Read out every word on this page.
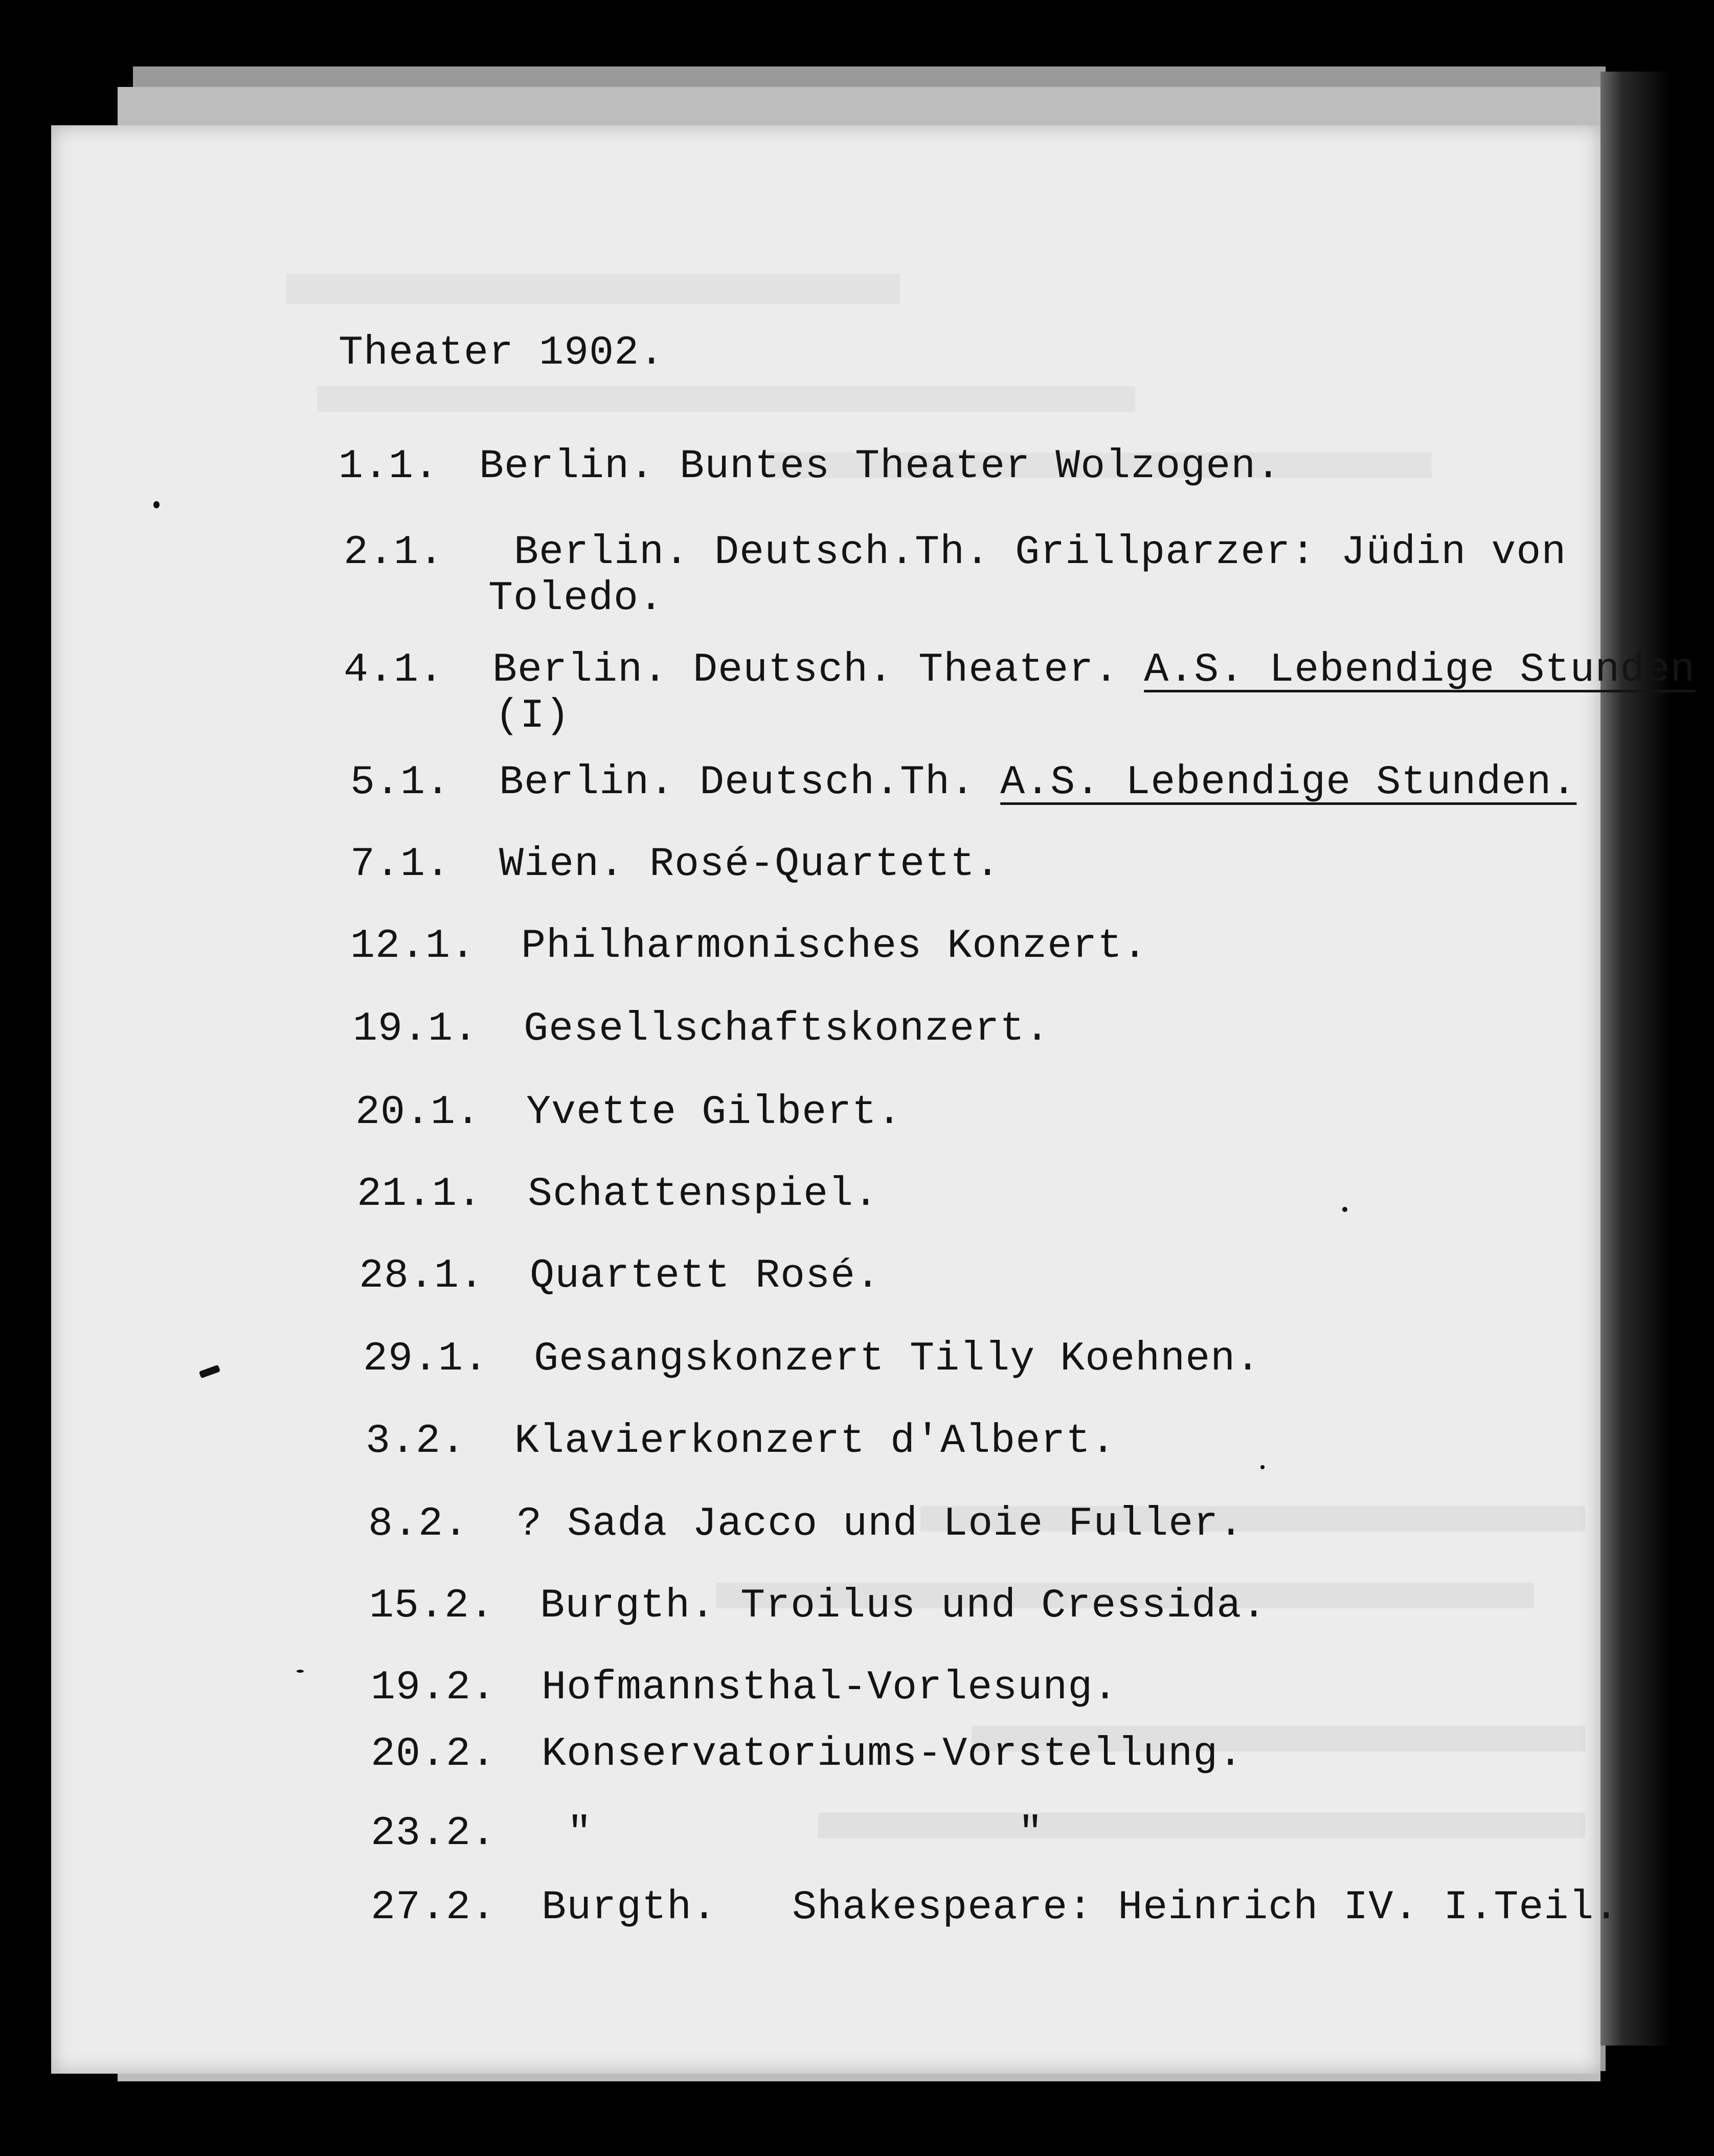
Theater 1902.
1.1. Berlin. Buntes Theater Wolzogen.
2.1. Berlin. Deutsch.Th. Grillparzer: Jüdin von
Toledo.
4.1. Berlin. Deutsch. Theater. A.S. Lebendige Stunden
(I)
5.1. Berlin. Deutsch.Th. A.S. Lebendige Stunden.
7.1. Wien. Rosé-Quartett.
12.1. Philharmonisches Konzert.
19.1. Gesellschaftskonzert.
20.1. Yvette Gilbert.
21.1. Schattenspiel.
28.1. Quartett Rosé.
29.1. Gesangskonzert Tilly Koehnen.
3.2. Klavierkonzert d'Albert.
8.2. ? Sada Jacco und Loie Fuller.
15.2. Burgth. Troilus und Cressida.
19.2. Hofmannsthal-Vorlesung.
20.2. Konservatoriums-Vorstellung.
23.2. "                 "
27.2. Burgth.   Shakespeare: Heinrich IV. I.Teil.
